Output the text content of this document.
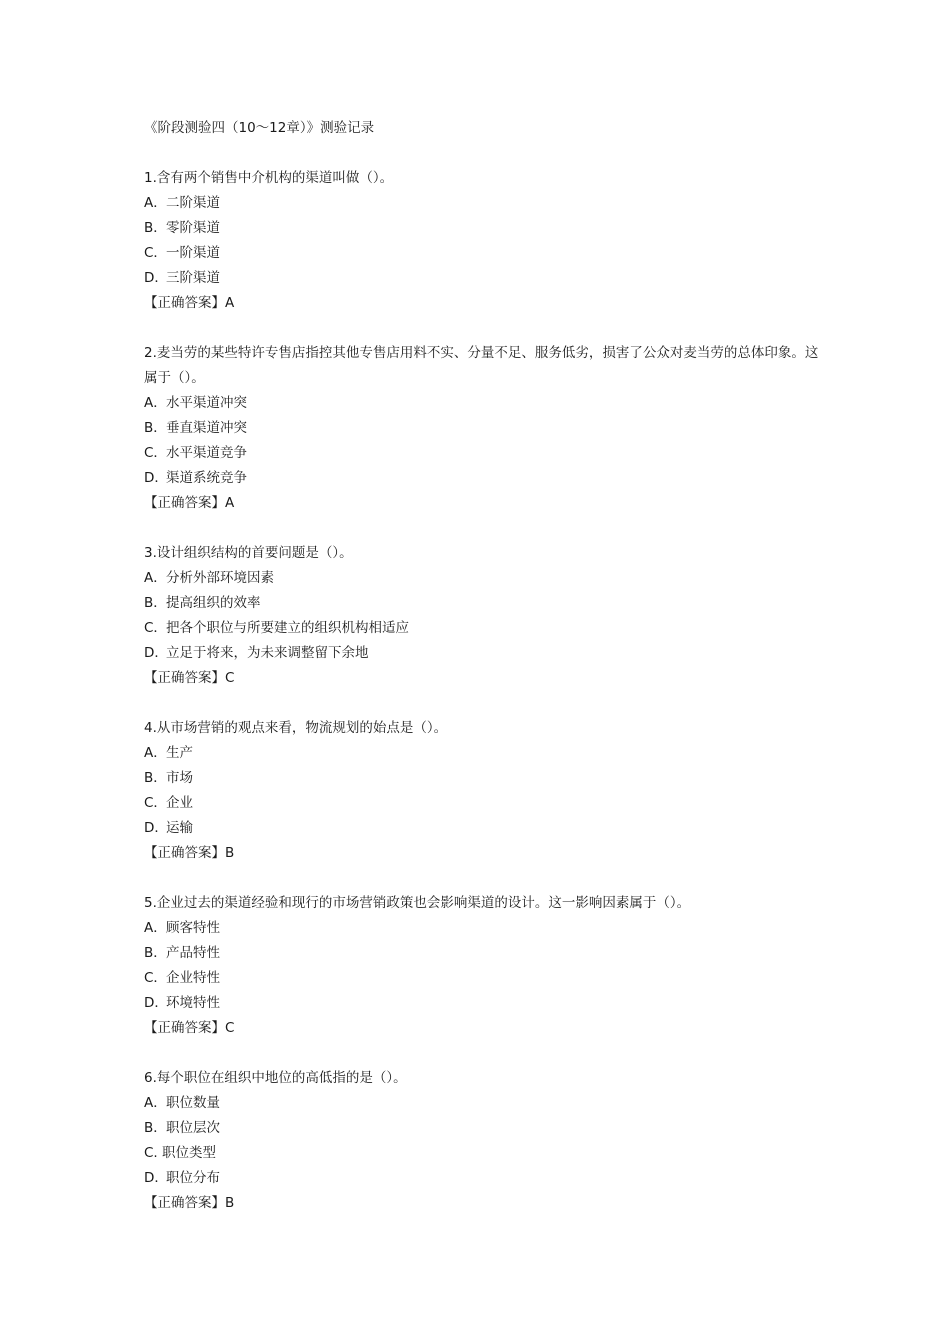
《阶段测验四（10～12章）》测验记录

1.含有两个销售中介机构的渠道叫做（）。

A．二阶渠道

B．零阶渠道

C．一阶渠道

D．三阶渠道

【正确答案】A

2.麦当劳的某些特许专售店指控其他专售店用料不实、分量不足、服务低劣，损害了公众对麦当劳的总体印象。这属于（）。

A．水平渠道冲突

B．垂直渠道冲突

C．水平渠道竞争

D．渠道系统竞争

【正确答案】A

3.设计组织结构的首要问题是（）。

A．分析外部环境因素

B．提高组织的效率

C．把各个职位与所要建立的组织机构相适应

D．立足于将来，为未来调整留下余地

【正确答案】C

4.从市场营销的观点来看，物流规划的始点是（）。

A．生产

B．市场

C．企业

D．运输

【正确答案】B

5.企业过去的渠道经验和现行的市场营销政策也会影响渠道的设计。这一影响因素属于（）。

A．顾客特性

B．产品特性

C．企业特性

D．环境特性

【正确答案】C

6.每个职位在组织中地位的高低指的是（）。

A．职位数量

B．职位层次

C. 职位类型

D．职位分布

【正确答案】B
